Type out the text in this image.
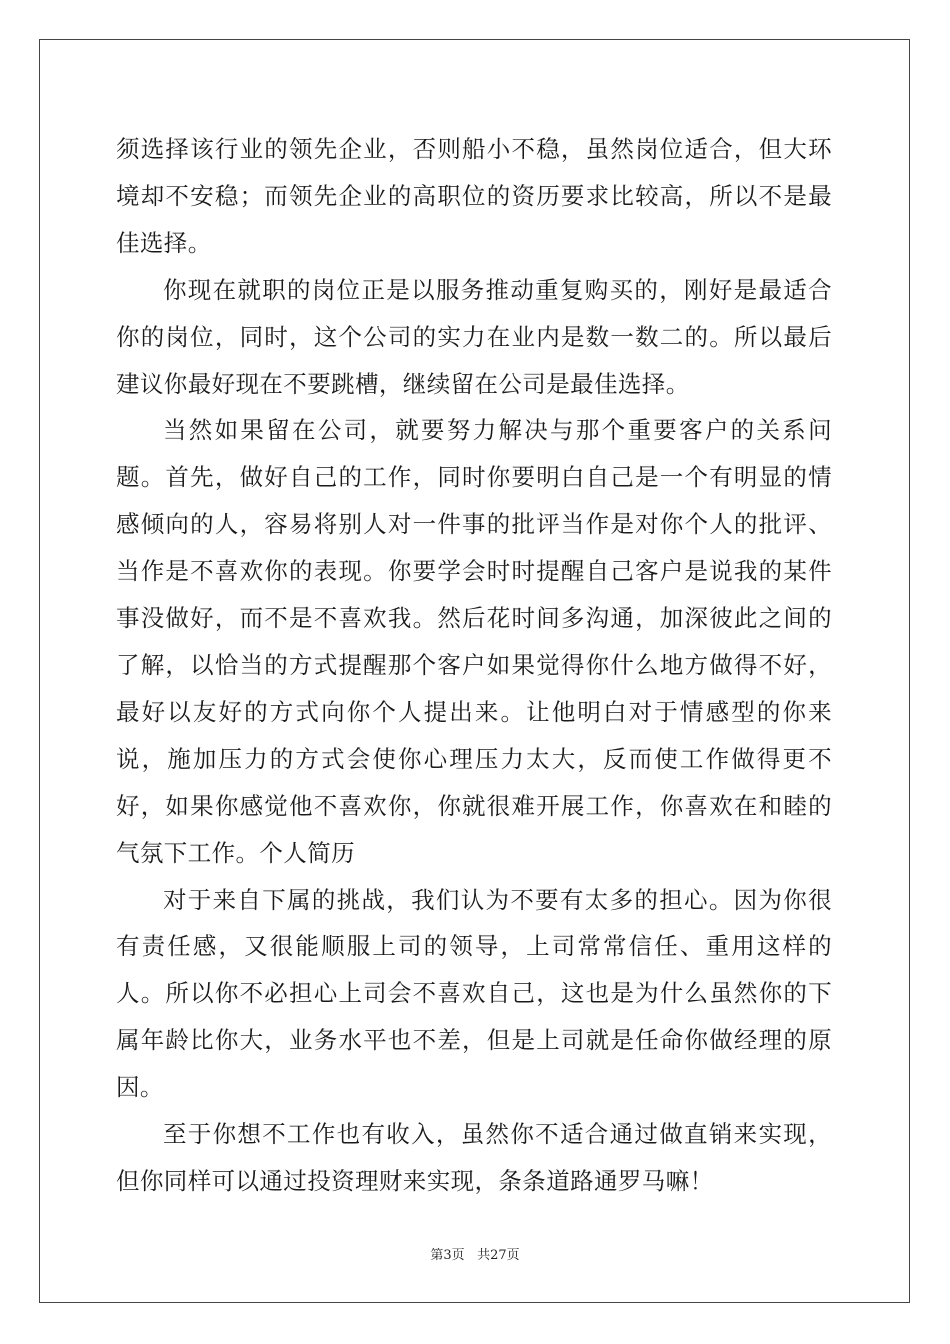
须选择该行业的领先企业，否则船小不稳，虽然岗位适合，但大环境却不安稳；而领先企业的高职位的资历要求比较高，所以不是最佳选择。

你现在就职的岗位正是以服务推动重复购买的，刚好是最适合你的岗位，同时，这个公司的实力在业内是数一数二的。所以最后建议你最好现在不要跳槽，继续留在公司是最佳选择。

当然如果留在公司，就要努力解决与那个重要客户的关系问题。首先，做好自己的工作，同时你要明白自己是一个有明显的情感倾向的人，容易将别人对一件事的批评当作是对你个人的批评、当作是不喜欢你的表现。你要学会时时提醒自己客户是说我的某件事没做好，而不是不喜欢我。然后花时间多沟通，加深彼此之间的了解，以恰当的方式提醒那个客户如果觉得你什么地方做得不好，最好以友好的方式向你个人提出来。让他明白对于情感型的你来说，施加压力的方式会使你心理压力太大，反而使工作做得更不好，如果你感觉他不喜欢你，你就很难开展工作，你喜欢在和睦的气氛下工作。个人简历

对于来自下属的挑战，我们认为不要有太多的担心。因为你很有责任感，又很能顺服上司的领导，上司常常信任、重用这样的人。所以你不必担心上司会不喜欢自己，这也是为什么虽然你的下属年龄比你大，业务水平也不差，但是上司就是任命你做经理的原因。

至于你想不工作也有收入，虽然你不适合通过做直销来实现，但你同样可以通过投资理财来实现，条条道路通罗马嘛！

第3页 共27页
